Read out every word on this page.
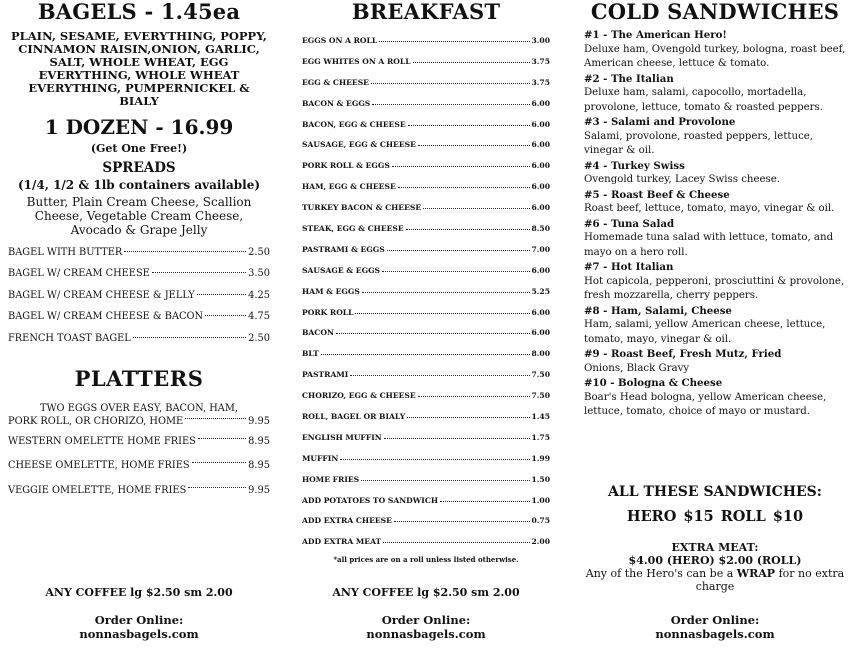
BAGELS - 1.45ea
PLAIN, SESAME, EVERYTHING, POPPY, CINNAMON RAISIN,ONION, GARLIC, SALT, WHOLE WHEAT, EGG EVERYTHING, WHOLE WHEAT EVERYTHING, PUMPERNICKEL & BIALY
1 DOZEN - 16.99
(Get One Free!)
SPREADS
(1/4, 1/2 & 1lb containers available)
Butter, Plain Cream Cheese, Scallion Cheese, Vegetable Cream Cheese, Avocado & Grape Jelly
BAGEL WITH BUTTER	2.50
BAGEL W/ CREAM CHEESE	3.50
BAGEL W/ CREAM CHEESE & JELLY	4.25
BAGEL W/ CREAM CHEESE & BACON	4.75
FRENCH TOAST BAGEL	2.50
PLATTERS
TWO EGGS OVER EASY, BACON, HAM,
PORK ROLL, OR CHORIZO, HOME	9.95
WESTERN OMELETTE HOME FRIES	8.95
CHEESE OMELETTE, HOME FRIES	8.95
VEGGIE OMELETTE, HOME FRIES	9.95
ANY COFFEE lg $2.50 sm 2.00
Order Online:
nonnasbagels.com
BREAKFAST
EGGS ON A ROLL	3.00
EGG WHITES ON A ROLL	3.75
EGG & CHEESE	3.75
BACON & EGGS	6.00
BACON, EGG & CHEESE	6.00
SAUSAGE, EGG & CHEESE	6.00
PORK ROLL & EGGS	6.00
HAM, EGG & CHEESE	6.00
TURKEY BACON & CHEESE	6.00
STEAK, EGG & CHEESE	8.50
PASTRAMI & EGGS	7.00
SAUSAGE & EGGS	6.00
HAM & EGGS	5.25
PORK ROLL	6.00
BACON	6.00
BLT	8.00
PASTRAMI	7.50
CHORIZO, EGG & CHEESE	7.50
ROLL, BAGEL OR BIALY	1.45
ENGLISH MUFFIN	1.75
MUFFIN	1.99
HOME FRIES	1.50
ADD POTATOES TO SANDWICH	1.00
ADD EXTRA CHEESE	0.75
ADD EXTRA MEAT	2.00
*all prices are on a roll unless listed otherwise.
ANY COFFEE lg $2.50 sm 2.00
Order Online:
nonnasbagels.com
COLD SANDWICHES
#1 - The American Hero!
Deluxe ham, Ovengold turkey, bologna, roast beef, American cheese, lettuce & tomato.
#2 - The Italian
Deluxe ham, salami, capocollo, mortadella, provolone, lettuce, tomato & roasted peppers.
#3 - Salami and Provolone
Salami, provolone, roasted peppers, lettuce, vinegar & oil.
#4 - Turkey Swiss
Ovengold turkey, Lacey Swiss cheese.
#5 - Roast Beef & Cheese
Roast beef, lettuce, tomato, mayo, vinegar & oil.
#6 - Tuna Salad
Homemade tuna salad with lettuce, tomato, and mayo on a hero roll.
#7 - Hot Italian
Hot capicola, pepperoni, prosciuttini & provolone, fresh mozzarella, cherry peppers.
#8 - Ham, Salami, Cheese
Ham, salami, yellow American cheese, lettuce, tomato, mayo, vinegar & oil.
#9 - Roast Beef, Fresh Mutz, Fried
Onions, Black Gravy
#10 - Bologna & Cheese
Boar's Head bologna, yellow American cheese, lettuce, tomato, choice of mayo or mustard.
ALL THESE SANDWICHES:
HERO $15 ROLL $10
EXTRA MEAT:
$4.00 (HERO) $2.00 (ROLL)
Any of the Hero's can be a WRAP for no extra charge
Order Online:
nonnasbagels.com
